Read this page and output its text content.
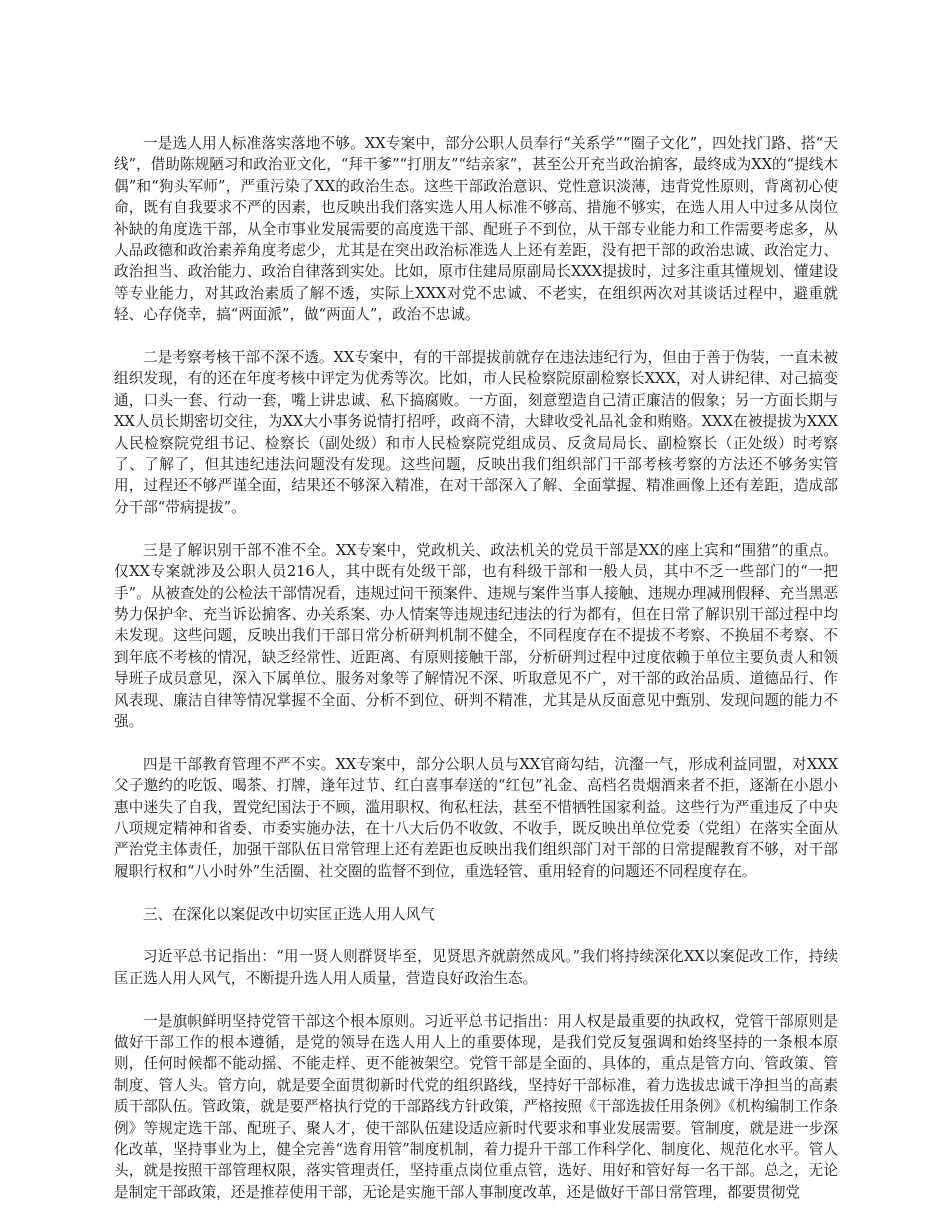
一是选人用人标准落实落地不够。XX专案中，部分公职人员奉行“关系学”“圈子文化”，四处找门路、搭“天线”，借助陈规陋习和政治亚文化，“拜干爹”“打朋友”“结亲家”，甚至公开充当政治掮客，最终成为XX的“提线木偶”和“狗头军师”，严重污染了XX的政治生态。这些干部政治意识、党性意识淡薄，违背党性原则，背离初心使命，既有自我要求不严的因素，也反映出我们落实选人用人标准不够高、措施不够实，在选人用人中过多从岗位补缺的角度选干部，从全市事业发展需要的高度选干部、配班子不到位，从干部专业能力和工作需要考虑多，从人品政德和政治素养角度考虑少，尤其是在突出政治标准选人上还有差距，没有把干部的政治忠诚、政治定力、政治担当、政治能力、政治自律落到实处。比如，原市住建局原副局长XXX提拔时，过多注重其懂规划、懂建设等专业能力，对其政治素质了解不透，实际上XXX对党不忠诚、不老实，在组织两次对其谈话过程中，避重就轻、心存侥幸，搞“两面派”，做“两面人”，政治不忠诚。

二是考察考核干部不深不透。XX专案中，有的干部提拔前就存在违法违纪行为，但由于善于伪装，一直未被组织发现，有的还在年度考核中评定为优秀等次。比如，市人民检察院原副检察长XXX，对人讲纪律、对己搞变通，口头一套、行动一套，嘴上讲忠诚、私下搞腐败。一方面，刻意塑造自己清正廉洁的假象；另一方面长期与XX人员长期密切交往，为XX大小事务说情打招呼，政商不清，大肆收受礼品礼金和贿赂。XXX在被提拔为XXX人民检察院党组书记、检察长（副处级）和市人民检察院党组成员、反贪局局长、副检察长（正处级）时考察了、了解了，但其违纪违法问题没有发现。这些问题，反映出我们组织部门干部考核考察的方法还不够务实管用，过程还不够严谨全面，结果还不够深入精准，在对干部深入了解、全面掌握、精准画像上还有差距，造成部分干部“带病提拔”。

三是了解识别干部不准不全。XX专案中，党政机关、政法机关的党员干部是XX的座上宾和“围猎”的重点。仅XX专案就涉及公职人员216人，其中既有处级干部，也有科级干部和一般人员，其中不乏一些部门的“一把手”。从被查处的公检法干部情况看，违规过问干预案件、违规与案件当事人接触、违规办理减刑假释、充当黑恶势力保护伞、充当诉讼掮客、办关系案、办人情案等违规违纪违法的行为都有，但在日常了解识别干部过程中均未发现。这些问题，反映出我们干部日常分析研判机制不健全，不同程度存在不提拔不考察、不换届不考察、不到年底不考核的情况，缺乏经常性、近距离、有原则接触干部，分析研判过程中过度依赖于单位主要负责人和领导班子成员意见，深入下属单位、服务对象等了解情况不深、听取意见不广，对干部的政治品质、道德品行、作风表现、廉洁自律等情况掌握不全面、分析不到位、研判不精准，尤其是从反面意见中甄别、发现问题的能力不强。

四是干部教育管理不严不实。XX专案中，部分公职人员与XX官商勾结，沆瀣一气，形成利益同盟，对XXX父子邀约的吃饭、喝茶、打牌，逢年过节、红白喜事奉送的“红包”礼金、高档名贵烟酒来者不拒，逐渐在小恩小惠中迷失了自我，置党纪国法于不顾，滥用职权、徇私枉法，甚至不惜牺牲国家利益。这些行为严重违反了中央八项规定精神和省委、市委实施办法，在十八大后仍不收敛、不收手，既反映出单位党委（党组）在落实全面从严治党主体责任，加强干部队伍日常管理上还有差距也反映出我们组织部门对干部的日常提醒教育不够，对干部履职行权和“八小时外”生活圈、社交圈的监督不到位，重选轻管、重用轻育的问题还不同程度存在。

三、在深化以案促改中切实匡正选人用人风气

习近平总书记指出：“用一贤人则群贤毕至，见贤思齐就蔚然成风。”我们将持续深化XX以案促改工作，持续匡正选人用人风气，不断提升选人用人质量，营造良好政治生态。

一是旗帜鲜明坚持党管干部这个根本原则。习近平总书记指出：用人权是最重要的执政权，党管干部原则是做好干部工作的根本遵循，是党的领导在选人用人上的重要体现，是我们党反复强调和始终坚持的一条根本原则，任何时候都不能动摇、不能走样、更不能被架空。党管干部是全面的、具体的，重点是管方向、管政策、管制度、管人头。管方向，就是要全面贯彻新时代党的组织路线，坚持好干部标准，着力选拔忠诚干净担当的高素质干部队伍。管政策，就是要严格执行党的干部路线方针政策，严格按照《干部选拔任用条例》《机构编制工作条例》等规定选干部、配班子、聚人才，使干部队伍建设适应新时代要求和事业发展需要。管制度，就是进一步深化改革，坚持事业为上，健全完善“选育用管”制度机制，着力提升干部工作科学化、制度化、规范化水平。管人头，就是按照干部管理权限，落实管理责任，坚持重点岗位重点管，选好、用好和管好每一名干部。总之，无论是制定干部政策，还是推荐使用干部，无论是实施干部人事制度改革，还是做好干部日常管理，都要贯彻党
